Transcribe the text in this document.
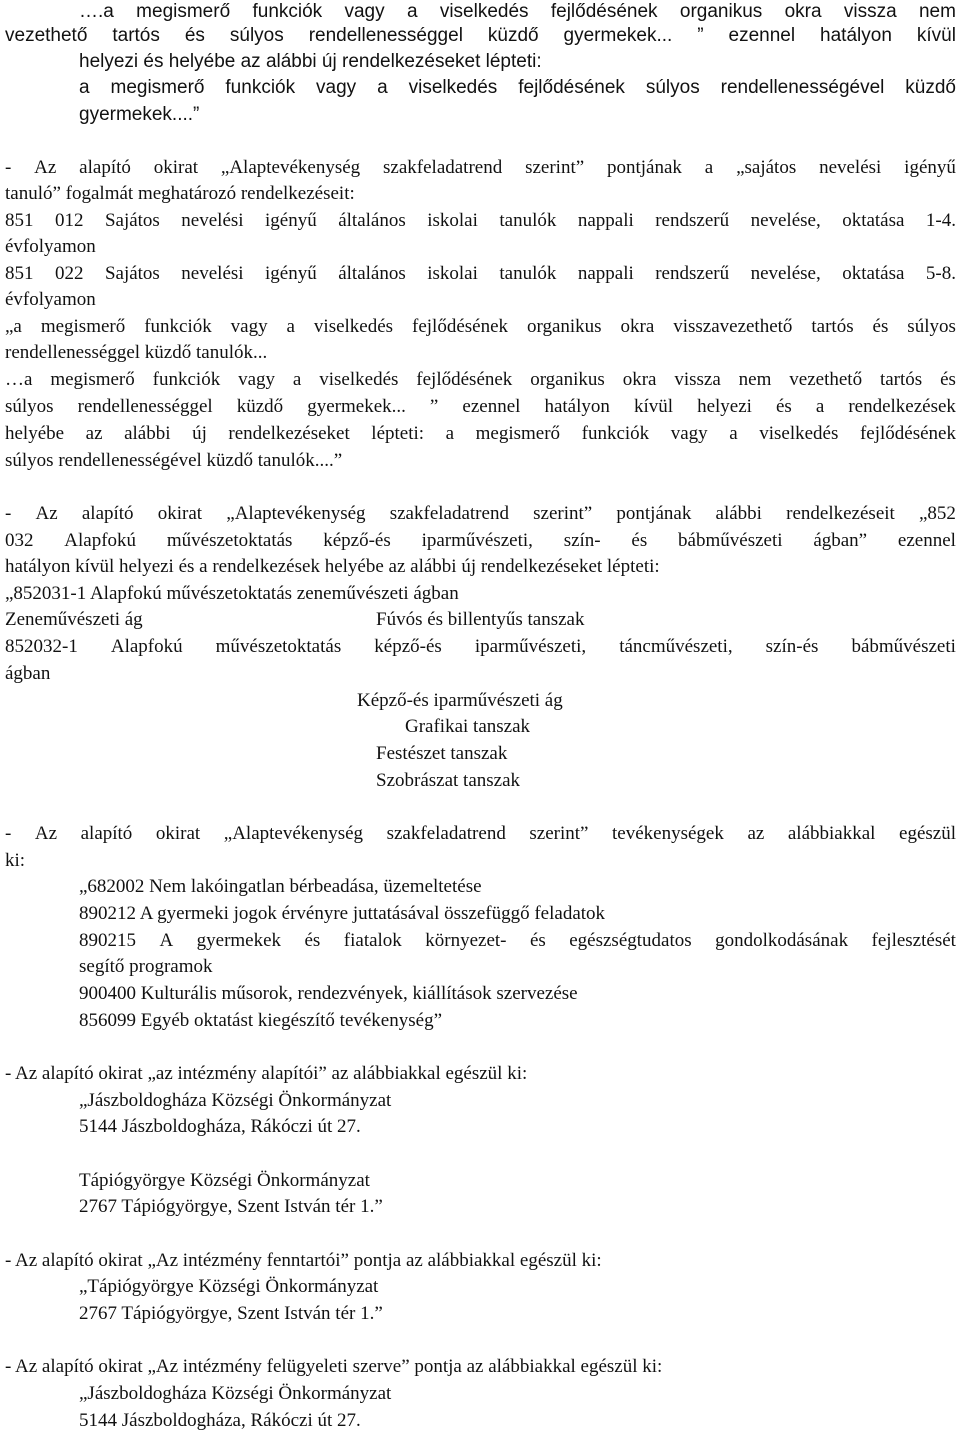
….a megismerő funkciók vagy a viselkedés fejlődésének organikus okra vissza nem
vezethető tartós és súlyos rendellenességgel küzdő gyermekek... ” ezennel hatályon kívül
helyezi és helyébe az alábbi új rendelkezéseket lépteti:
a megismerő funkciók vagy a viselkedés fejlődésének súlyos rendellenességével küzdő
gyermekek....”
- Az alapító okirat „Alaptevékenység szakfeladatrend szerint” pontjának a „sajátos nevelési igényű
tanuló” fogalmát meghatározó rendelkezéseit:
851 012 Sajátos nevelési igényű általános iskolai tanulók nappali rendszerű nevelése, oktatása 1-4.
évfolyamon
851 022 Sajátos nevelési igényű általános iskolai tanulók nappali rendszerű nevelése, oktatása 5-8.
évfolyamon
„a megismerő funkciók vagy a viselkedés fejlődésének organikus okra visszavezethető tartós és súlyos
rendellenességgel küzdő tanulók...
…a megismerő funkciók vagy a viselkedés fejlődésének organikus okra vissza nem vezethető tartós és
súlyos rendellenességgel küzdő gyermekek... ” ezennel hatályon kívül helyezi és a rendelkezések
helyébe az alábbi új rendelkezéseket lépteti: a megismerő funkciók vagy a viselkedés fejlődésének
súlyos rendellenességével küzdő tanulók....”
- Az alapító okirat „Alaptevékenység szakfeladatrend szerint” pontjának alábbi rendelkezéseit „852
032 Alapfokú művészetoktatás képző-és iparművészeti, szín- és bábművészeti ágban” ezennel
hatályon kívül helyezi és a rendelkezések helyébe az alábbi új rendelkezéseket lépteti:
„852031-1 Alapfokú művészetoktatás zeneművészeti ágban
Zeneművészeti ág	Fúvós és billentyűs tanszak
852032-1 Alapfokú művészetoktatás képző-és iparművészeti, táncművészeti, szín-és bábművészeti
ágban
Képző-és iparművészeti ág
Grafikai tanszak
Festészet tanszak
Szobrászat tanszak
- Az alapító okirat „Alaptevékenység szakfeladatrend szerint” tevékenységek az alábbiakkal egészül
ki:
„682002 Nem lakóingatlan bérbeadása, üzemeltetése
890212 A gyermeki jogok érvényre juttatásával összefüggő feladatok
890215 A gyermekek és fiatalok környezet- és egészségtudatos gondolkodásának fejlesztését
segítő programok
900400 Kulturális műsorok, rendezvények, kiállítások szervezése
856099 Egyéb oktatást kiegészítő tevékenység”
- Az alapító okirat „az intézmény alapítói” az alábbiakkal egészül ki:
„Jászboldogháza Községi Önkormányzat
5144 Jászboldogháza, Rákóczi út 27.
Tápiógyörgye Községi Önkormányzat
2767 Tápiógyörgye, Szent István tér 1.”
- Az alapító okirat „Az intézmény fenntartói” pontja az alábbiakkal egészül ki:
„Tápiógyörgye Községi Önkormányzat
2767 Tápiógyörgye, Szent István tér 1.”
- Az alapító okirat „Az intézmény felügyeleti szerve” pontja az alábbiakkal egészül ki:
„Jászboldogháza Községi Önkormányzat
5144 Jászboldogháza, Rákóczi út 27.
